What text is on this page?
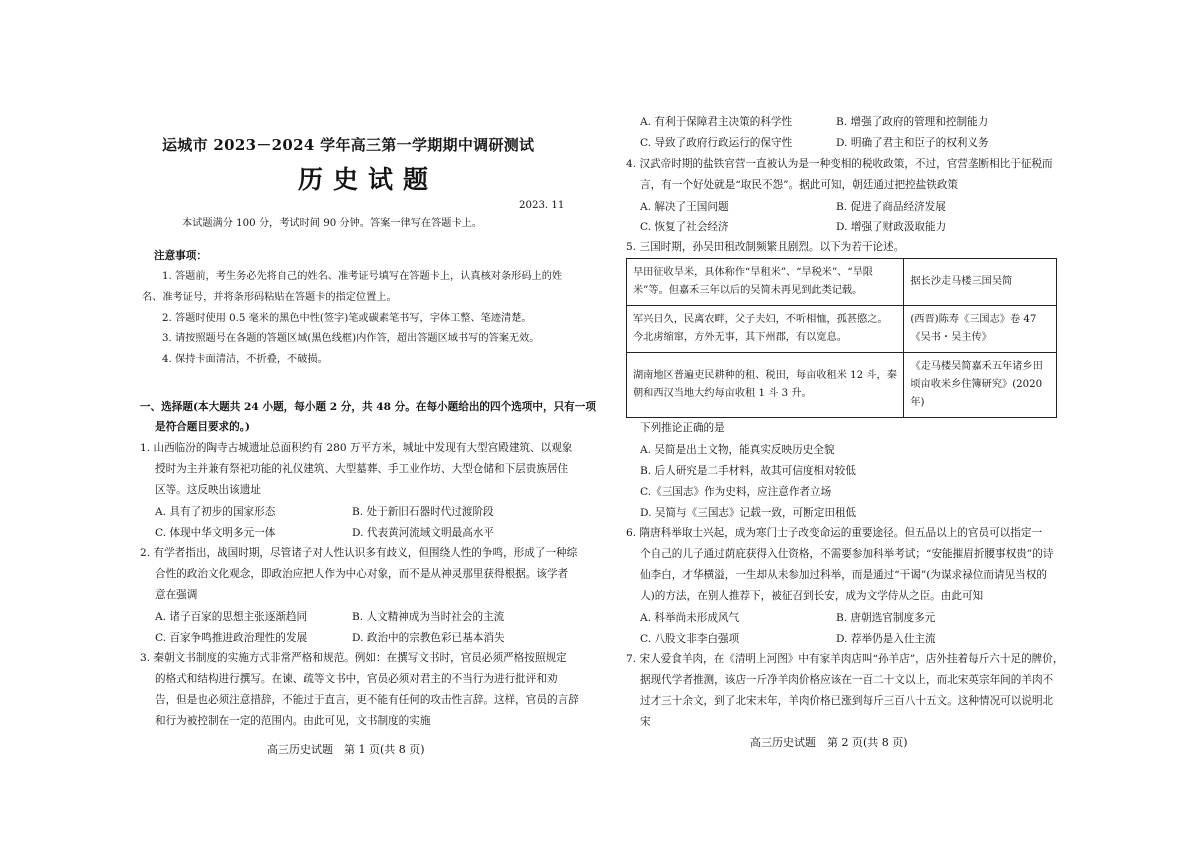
运城市 2023－2024 学年高三第一学期期中调研测试
历史试题
2023. 11
本试题满分 100 分，考试时间 90 分钟。答案一律写在答题卡上。
注意事项：
1. 答题前，考生务必先将自己的姓名、准考证号填写在答题卡上，认真核对条形码上的姓
名、准考证号，并将条形码粘贴在答题卡的指定位置上。
2. 答题时使用 0.5 毫米的黑色中性(签字)笔或碳素笔书写，字体工整、笔迹清楚。
3. 请按照题号在各题的答题区域(黑色线框)内作答，超出答题区域书写的答案无效。
4. 保持卡面清洁，不折叠，不破损。
一、选择题(本大题共 24 小题，每小题 2 分，共 48 分。在每小题给出的四个选项中，只有一项
是符合题目要求的。)
1. 山西临汾的陶寺古城遗址总面积约有 280 万平方米，城址中发现有大型宫殿建筑、以观象
授时为主并兼有祭祀功能的礼仪建筑、大型墓葬、手工业作坊、大型仓储和下层贵族居住
区等。这反映出该遗址
A. 具有了初步的国家形态	B. 处于新旧石器时代过渡阶段
C. 体现中华文明多元一体	D. 代表黄河流域文明最高水平
2. 有学者指出，战国时期，尽管诸子对人性认识多有歧义，但围绕人性的争鸣，形成了一种综
合性的政治文化观念，即政治应把人作为中心对象，而不是从神灵那里获得根据。该学者
意在强调
A. 诸子百家的思想主张逐渐趋同	B. 人文精神成为当时社会的主流
C. 百家争鸣推进政治理性的发展	D. 政治中的宗教色彩已基本消失
3. 秦朝文书制度的实施方式非常严格和规范。例如：在撰写文书时，官员必须严格按照规定
的格式和结构进行撰写。在谏、疏等文书中，官员必须对君主的不当行为进行批评和劝
告，但是也必须注意措辞，不能过于直言，更不能有任何的攻击性言辞。这样，官员的言辞
和行为被控制在一定的范围内。由此可见，文书制度的实施
高三历史试题　第 1 页(共 8 页)
A. 有利于保障君主决策的科学性	B. 增强了政府的管理和控制能力
C. 导致了政府行政运行的保守性	D. 明确了君主和臣子的权利义务
4. 汉武帝时期的盐铁官营一直被认为是一种变相的税收政策，不过，官营垄断相比于征税而
言，有一个好处就是“取民不怨”。据此可知，朝廷通过把控盐铁政策
A. 解决了王国问题	B. 促进了商品经济发展
C. 恢复了社会经济	D. 增强了财政汲取能力
5. 三国时期，孙吴田租改制频繁且剧烈。以下为若干论述。
早田征收旱米，具体称作“旱租米”、“旱税米”、“旱限米”等。但嘉禾三年以后的吴简未再见到此类记载。	据长沙走马楼三国吴简
军兴日久，民离农畔，父子夫妇，不听相恤，孤甚愍之。今北虏缩窜，方外无事，其下州郡，有以宽息。	(西晋)陈寿《三国志》卷 47《吴书・吴主传》
湖南地区普遍吏民耕种的租、税田，每亩收租米 12 斗，秦朝和西汉当地大约每亩收租 1 斗 3 升。	《走马楼吴简嘉禾五年诸乡田顷亩收米乡住簿研究》(2020 年)
下列推论正确的是
A. 吴简是出土文物，能真实反映历史全貌
B. 后人研究是二手材料，故其可信度相对较低
C.《三国志》作为史料，应注意作者立场
D. 吴简与《三国志》记载一致，可断定田租低
6. 隋唐科举取士兴起，成为寒门士子改变命运的重要途径。但五品以上的官员可以指定一
个自己的儿子通过荫庇获得入仕资格，不需要参加科举考试；“安能摧眉折腰事权贵”的诗
仙李白，才华横溢，一生却从未参加过科举，而是通过“干谒”(为谋求禄位而请见当权的
人)的方法，在别人推荐下，被征召到长安，成为文学侍从之臣。由此可知
A. 科举尚未形成风气	B. 唐朝选官制度多元
C. 八股文非李白强项	D. 荐举仍是入仕主流
7. 宋人爱食羊肉，在《清明上河图》中有家羊肉店叫“孙羊店”，店外挂着每斤六十足的牌价，
据现代学者推测，该店一斤净羊肉价格应该在一百二十文以上，而北宋英宗年间的羊肉不
过才三十余文，到了北宋末年，羊肉价格已涨到每斤三百八十五文。这种情况可以说明北
宋
高三历史试题　第 2 页(共 8 页)
